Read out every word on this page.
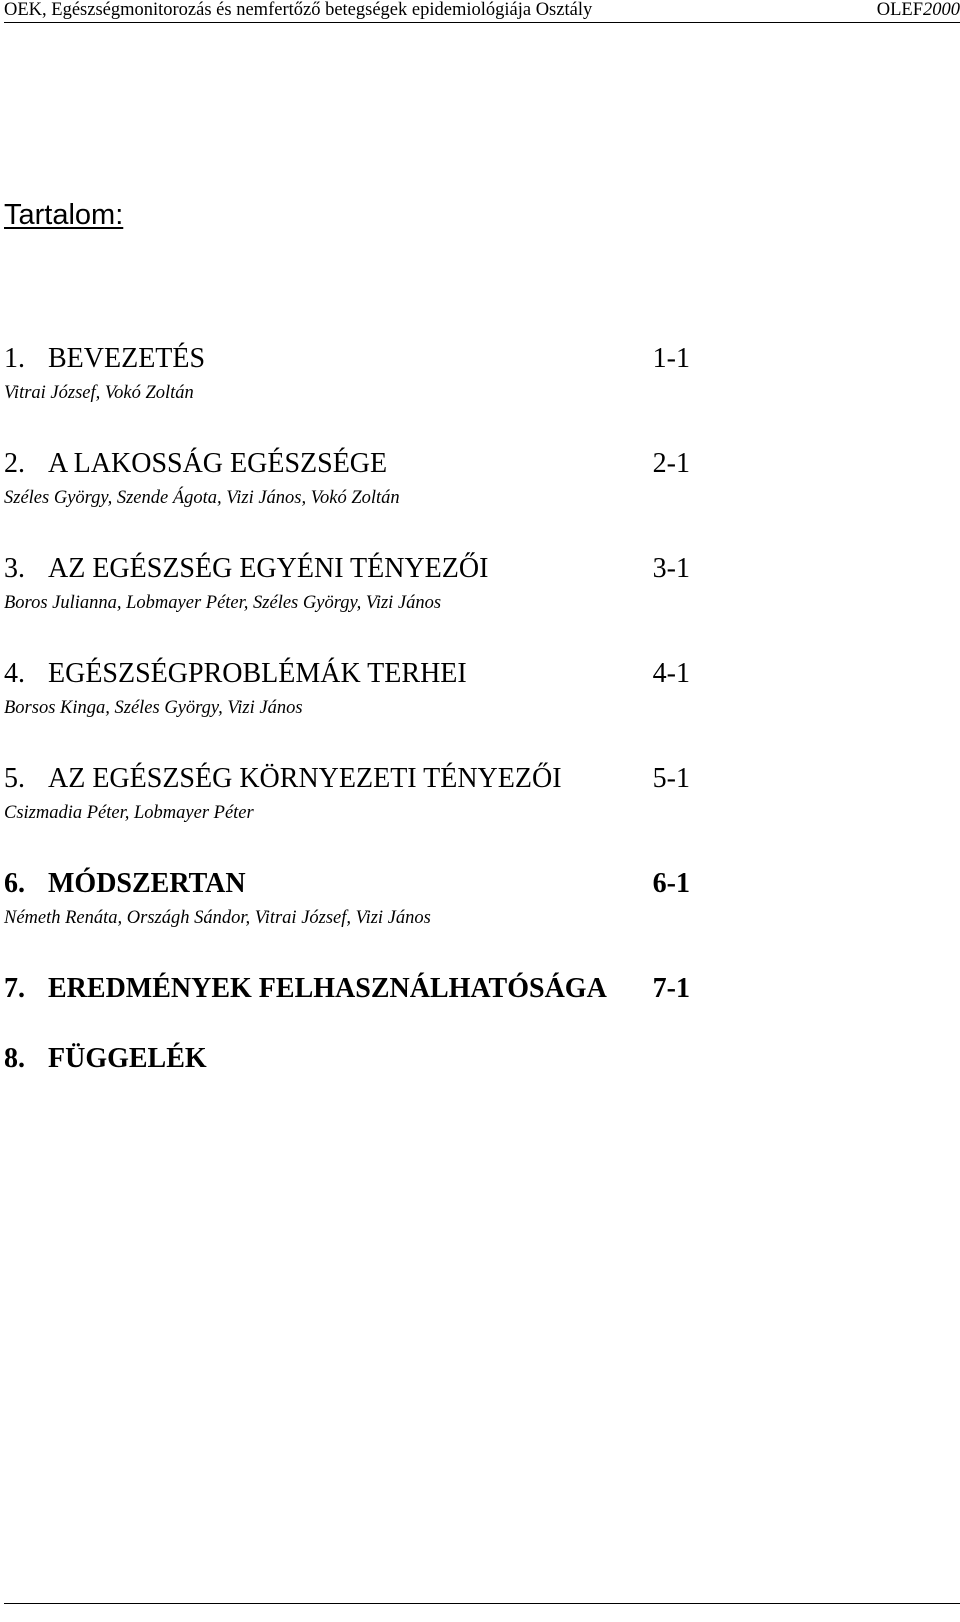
OEK, Egészségmonitorozás és nemfertőző betegségek epidemiológiája Osztály	OLEF2000
Tartalom:
1. BEVEZETÉS	1-1
Vitrai József, Vokó Zoltán
2. A LAKOSSÁG EGÉSZSÉGE	2-1
Széles György, Szende Ágota, Vizi János, Vokó Zoltán
3. AZ EGÉSZSÉG EGYÉNI TÉNYEZŐI	3-1
Boros Julianna, Lobmayer Péter, Széles György, Vizi János
4. EGÉSZSÉGPROBLÉMÁK TERHEI	4-1
Borsos Kinga, Széles György, Vizi János
5. AZ EGÉSZSÉG KÖRNYEZETI TÉNYEZŐI	5-1
Csizmadia Péter, Lobmayer Péter
6. MÓDSZERTAN	6-1
Németh Renáta, Országh Sándor, Vitrai József, Vizi János
7. EREDMÉNYEK FELHASZNÁLHATÓSÁGA 7-1
8. FÜGGELÉK
